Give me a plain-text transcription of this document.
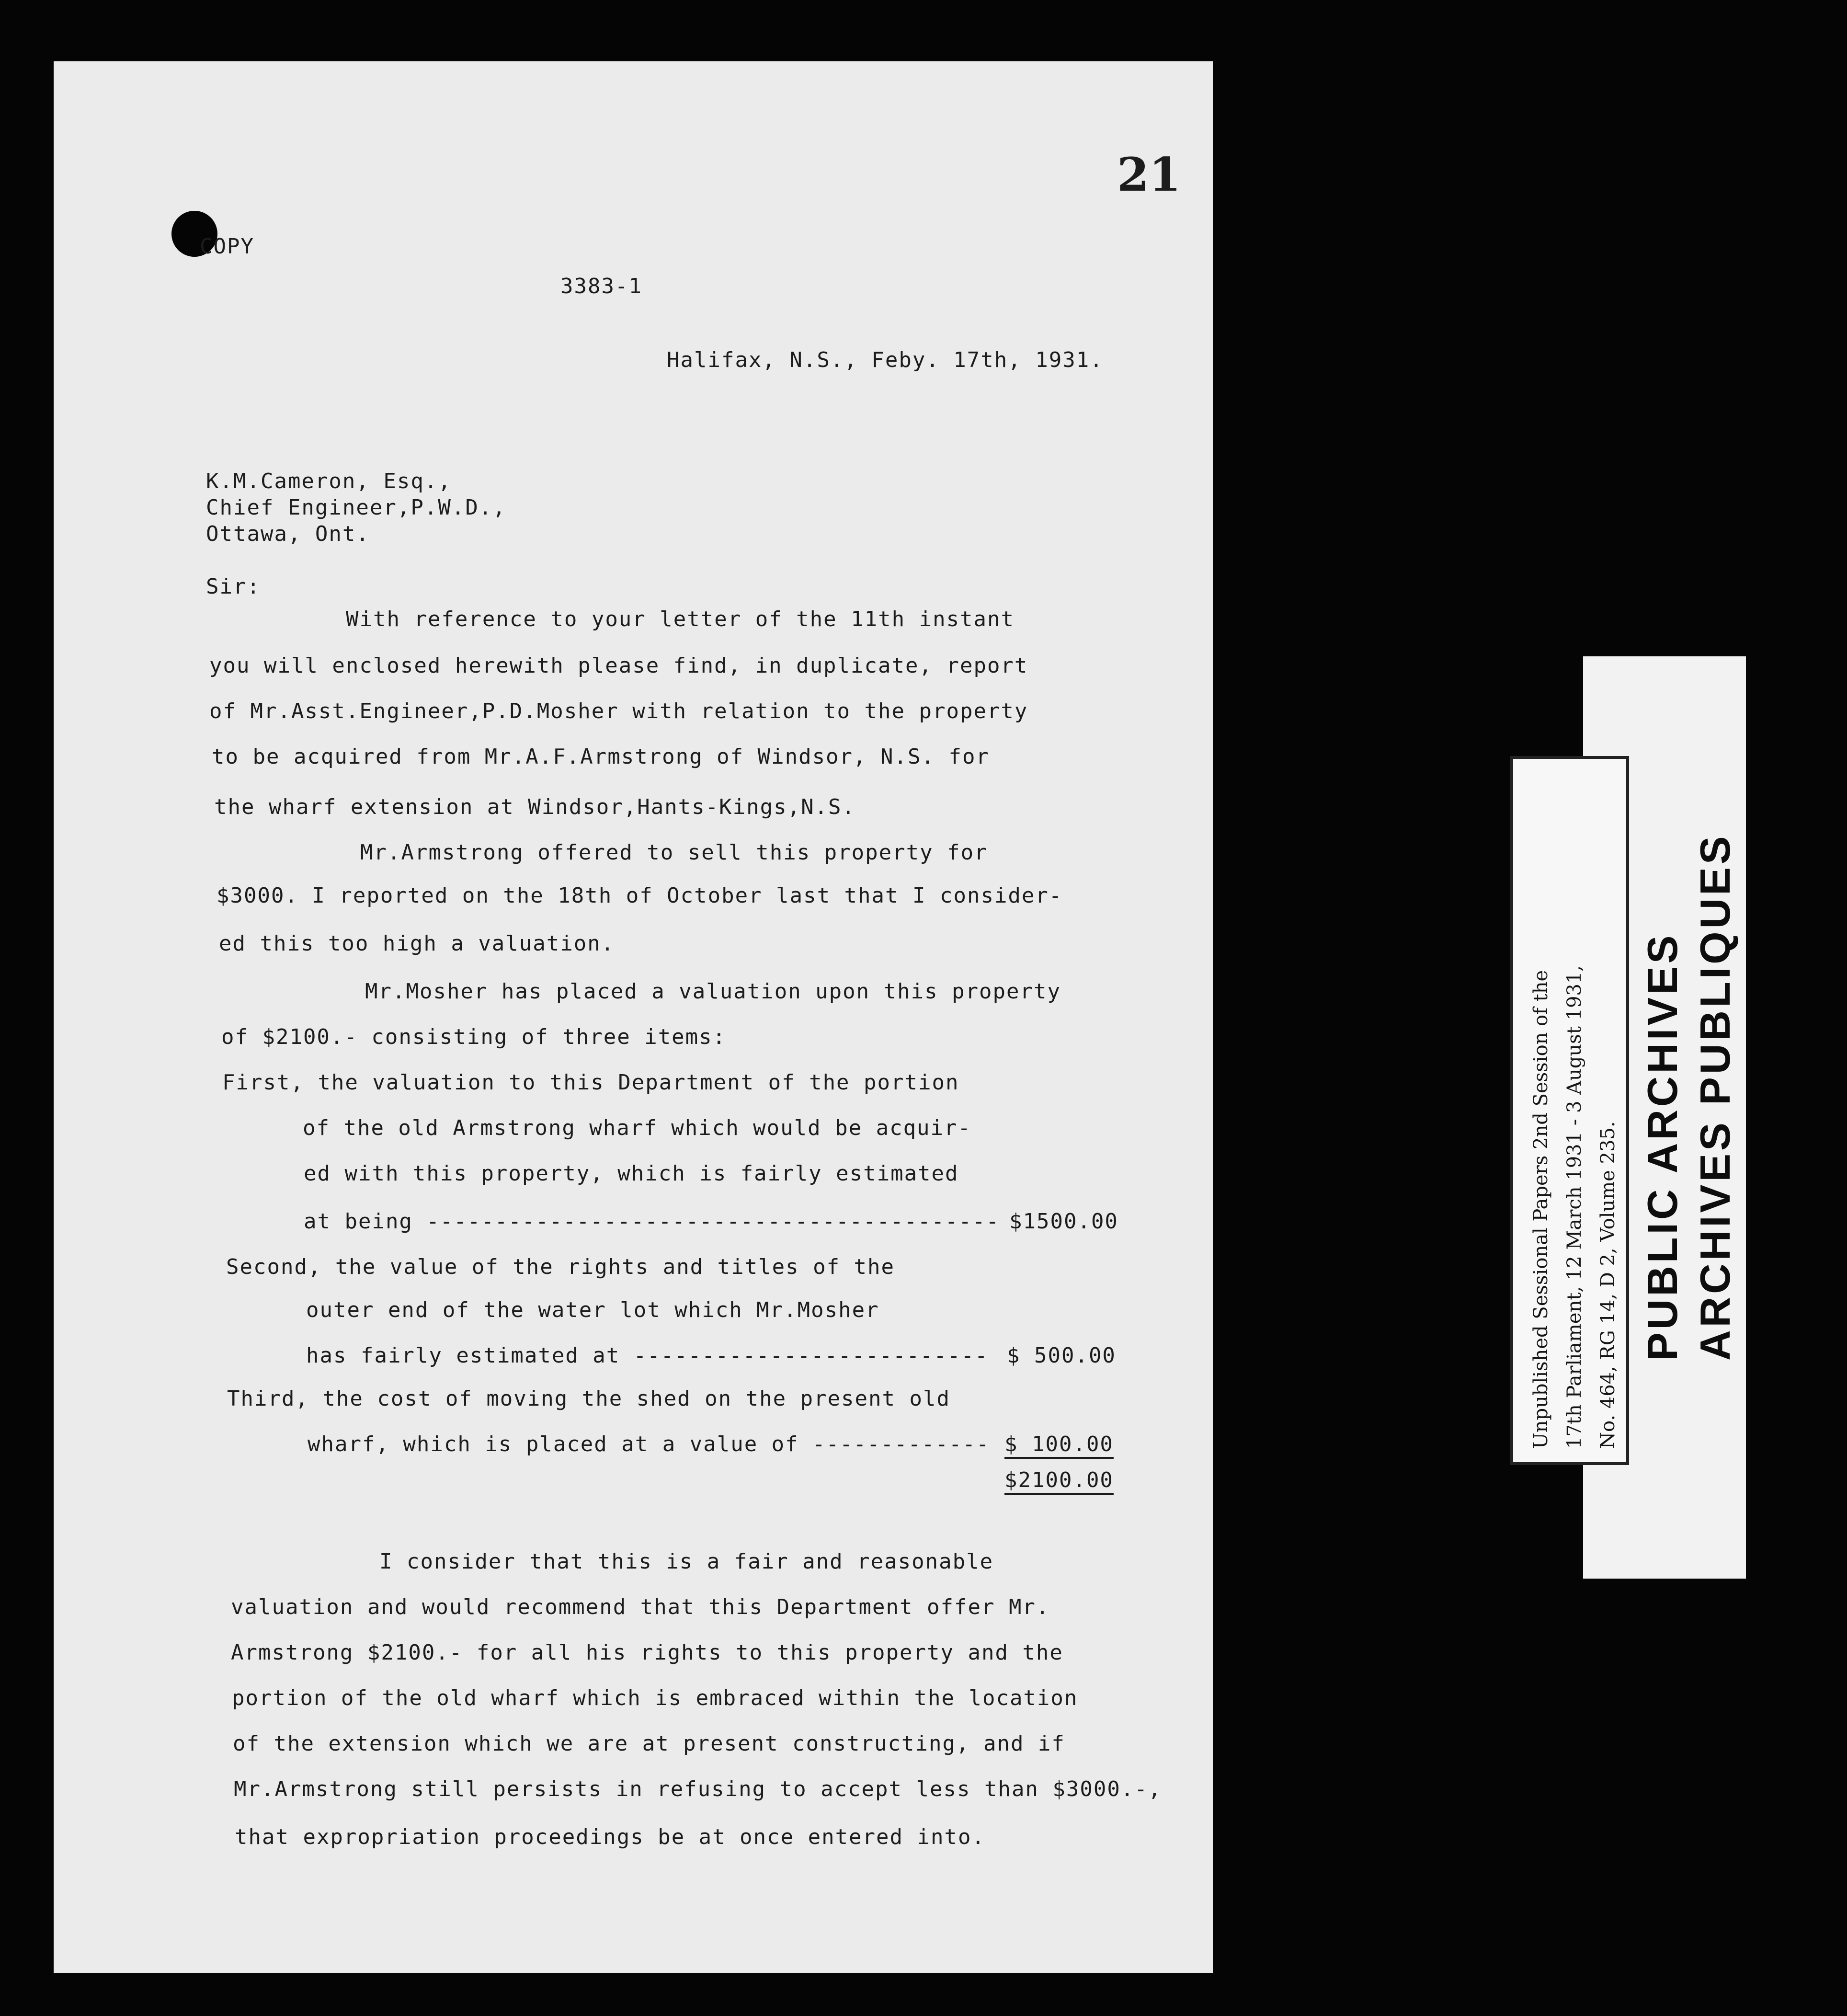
21
COPY
3383-1
Halifax, N.S., Feby. 17th, 1931.
K.M.Cameron, Esq.,
Chief Engineer,P.W.D.,
Ottawa, Ont.
Sir:
With reference to your letter of the 11th instant
you will enclosed herewith please find, in duplicate, report
of Mr.Asst.Engineer,P.D.Mosher with relation to the property
to be acquired from Mr.A.F.Armstrong of Windsor, N.S. for
the wharf extension at Windsor,Hants-Kings,N.S.
Mr.Armstrong offered to sell this property for
$3000. I reported on the 18th of October last that I consider-
ed this too high a valuation.
Mr.Mosher has placed a valuation upon this property
of $2100.- consisting of three items:
First, the valuation to this Department of the portion
of the old Armstrong wharf which would be acquir-
ed with this property, which is fairly estimated
at being ------------------------------------------ $1500.00
Second, the value of the rights and titles of the
outer end of the water lot which Mr.Mosher
has fairly estimated at -------------------------- $ 500.00
Third, the cost of moving the shed on the present old
wharf, which is placed at a value of ------------- $ 100.00
$2100.00
I consider that this is a fair and reasonable
valuation and would recommend that this Department offer Mr.
Armstrong $2100.- for all his rights to this property and the
portion of the old wharf which is embraced within the location
of the extension which we are at present constructing, and if
Mr.Armstrong still persists in refusing to accept less than $3000.-,
that expropriation proceedings be at once entered into.
PUBLIC ARCHIVES ARCHIVES PUBLIQUES
Unpublished Sessional Papers 2nd Session of the 17th Parliament, 12 March 1931 - 3 August 1931, No. 464, RG 14, D 2, Volume 235.
